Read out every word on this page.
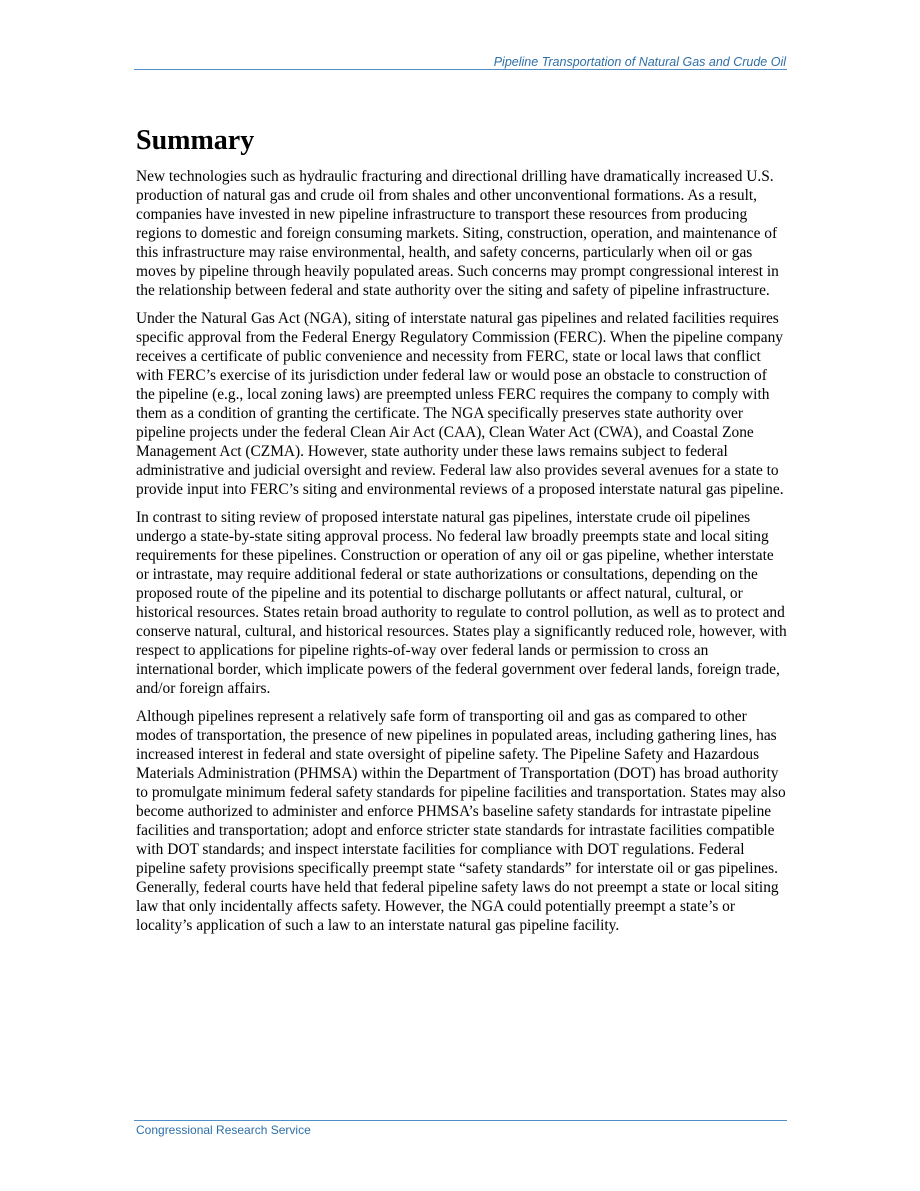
Pipeline Transportation of Natural Gas and Crude Oil
Summary

New technologies such as hydraulic fracturing and directional drilling have dramatically increased U.S. production of natural gas and crude oil from shales and other unconventional formations. As a result, companies have invested in new pipeline infrastructure to transport these resources from producing regions to domestic and foreign consuming markets. Siting, construction, operation, and maintenance of this infrastructure may raise environmental, health, and safety concerns, particularly when oil or gas moves by pipeline through heavily populated areas. Such concerns may prompt congressional interest in the relationship between federal and state authority over the siting and safety of pipeline infrastructure.

Under the Natural Gas Act (NGA), siting of interstate natural gas pipelines and related facilities requires specific approval from the Federal Energy Regulatory Commission (FERC). When the pipeline company receives a certificate of public convenience and necessity from FERC, state or local laws that conflict with FERC’s exercise of its jurisdiction under federal law or would pose an obstacle to construction of the pipeline (e.g., local zoning laws) are preempted unless FERC requires the company to comply with them as a condition of granting the certificate. The NGA specifically preserves state authority over pipeline projects under the federal Clean Air Act (CAA), Clean Water Act (CWA), and Coastal Zone Management Act (CZMA). However, state authority under these laws remains subject to federal administrative and judicial oversight and review. Federal law also provides several avenues for a state to provide input into FERC’s siting and environmental reviews of a proposed interstate natural gas pipeline.

In contrast to siting review of proposed interstate natural gas pipelines, interstate crude oil pipelines undergo a state-by-state siting approval process. No federal law broadly preempts state and local siting requirements for these pipelines. Construction or operation of any oil or gas pipeline, whether interstate or intrastate, may require additional federal or state authorizations or consultations, depending on the proposed route of the pipeline and its potential to discharge pollutants or affect natural, cultural, or historical resources. States retain broad authority to regulate to control pollution, as well as to protect and conserve natural, cultural, and historical resources. States play a significantly reduced role, however, with respect to applications for pipeline rights-of-way over federal lands or permission to cross an international border, which implicate powers of the federal government over federal lands, foreign trade, and/or foreign affairs.

Although pipelines represent a relatively safe form of transporting oil and gas as compared to other modes of transportation, the presence of new pipelines in populated areas, including gathering lines, has increased interest in federal and state oversight of pipeline safety. The Pipeline Safety and Hazardous Materials Administration (PHMSA) within the Department of Transportation (DOT) has broad authority to promulgate minimum federal safety standards for pipeline facilities and transportation. States may also become authorized to administer and enforce PHMSA’s baseline safety standards for intrastate pipeline facilities and transportation; adopt and enforce stricter state standards for intrastate facilities compatible with DOT standards; and inspect interstate facilities for compliance with DOT regulations. Federal pipeline safety provisions specifically preempt state “safety standards” for interstate oil or gas pipelines. Generally, federal courts have held that federal pipeline safety laws do not preempt a state or local siting law that only incidentally affects safety. However, the NGA could potentially preempt a state’s or locality’s application of such a law to an interstate natural gas pipeline facility.

Congressional Research Service
